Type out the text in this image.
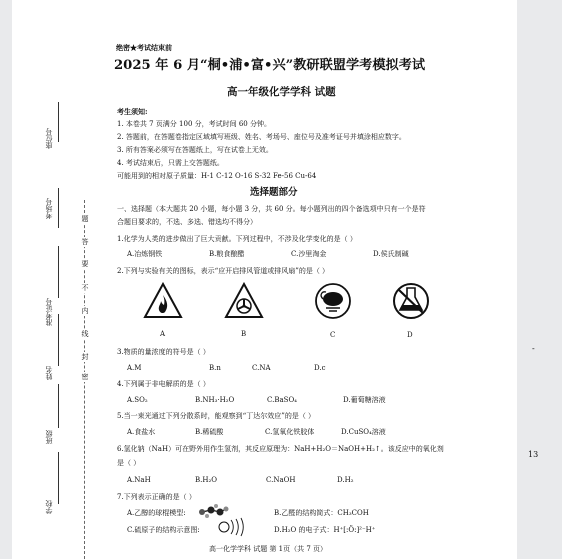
题
答
要
不
内
线
封
密
座位号
考场号
准考证号
姓名
班级
学校
绝密★考试结束前
2025 年 6 月“桐•浦•富•兴”教研联盟学考模拟考试
高一年级化学学科 试题
考生须知:
1. 本卷共 7 页满分 100 分，考试时间 60 分钟。
2. 答题前，在答题卷指定区域填写班级、姓名、考场号、座位号及准考证号并填涂相应数字。
3. 所有答案必须写在答题纸上，写在试卷上无效。
4. 考试结束后，只需上交答题纸。
可能用到的相对原子质量：H-1 C-12 O-16 S-32 Fe-56 Cu-64
选择题部分
一、选择题（本大题共 20 小题，每小题 3 分，共 60 分。每小题列出的四个备选项中只有一个是符
合题目要求的，不选、多选、错选均不得分）
1.化学为人类的进步做出了巨大贡献。下列过程中，不涉及化学变化的是（ ）
A.冶炼钢铁	B.粮食酿醋	C.沙里淘金	D.侯氏制碱
2.下列与实验有关的图标，表示“应开启排风管道或排风扇”的是（ ）
A	B	C	D
3.物质的量浓度的符号是（ ）
A.M	B.n	C.NA	D.c
4.下列属于非电解质的是（ ）
A.SO₂	B.NH₃·H₂O	C.BaSO₄	D.葡萄糖溶液
5.当一束光通过下列分散系时，能观察到“丁达尔效应”的是（ ）
A.食盐水	B.稀硫酸	C.氢氧化铁胶体	D.CuSO₄溶液
6.氢化钠（NaH）可在野外用作生氢剂，其反应原理为：NaH+H₂O＝NaOH+H₂↑。该反应中的氧化剂
是（ ）
A.NaH	B.H₂O	C.NaOH	D.H₂
7.下列表示正确的是（ ）
A.乙醇的球棍模型:	B.乙醛的结构简式：CH₃COH
C.硫原子的结构示意图:	D.H₂O 的电子式：H⁺[:Ö:]²⁻H⁺
高一化学学科 试题 第 1页（共 7 页）
13
-
